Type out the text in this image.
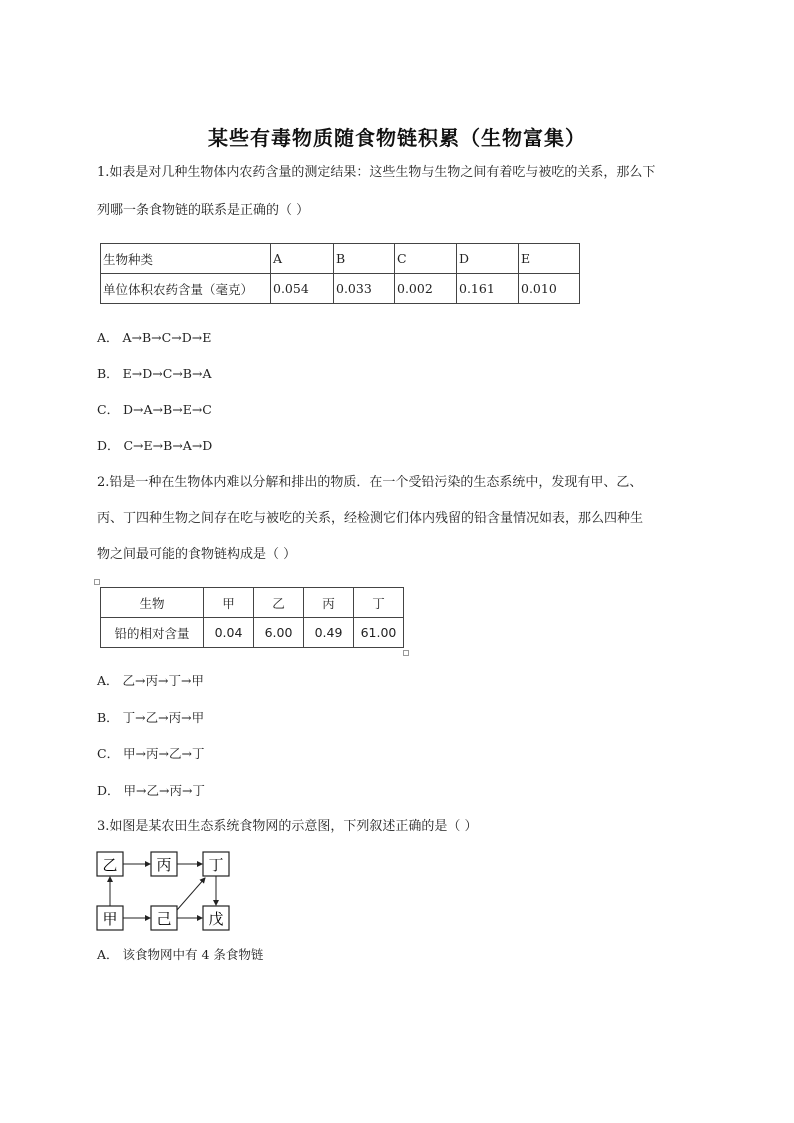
某些有毒物质随食物链积累（生物富集）
1.如表是对几种生物体内农药含量的测定结果：这些生物与生物之间有着吃与被吃的关系，那么下
列哪一条食物链的联系是正确的（ ）
生物种类	A	B	C	D	E
单位体积农药含量（毫克）	0.054	0.033	0.002	0.161	0.010
A． A→B→C→D→E
B． E→D→C→B→A
C． D→A→B→E→C
D． C→E→B→A→D
2.铅是一种在生物体内难以分解和排出的物质．在一个受铅污染的生态系统中，发现有甲、乙、
丙、丁四种生物之间存在吃与被吃的关系，经检测它们体内残留的铅含量情况如表，那么四种生
物之间最可能的食物链构成是（ ）
生物	甲	乙	丙	丁
铅的相对含量	0.04	6.00	0.49	61.00
A． 乙→丙→丁→甲
B． 丁→乙→丙→甲
C． 甲→丙→乙→丁
D． 甲→乙→丙→丁
3.如图是某农田生态系统食物网的示意图，下列叙述正确的是（ ）
乙	丙 丁
甲	己 戊
A． 该食物网中有 4 条食物链
